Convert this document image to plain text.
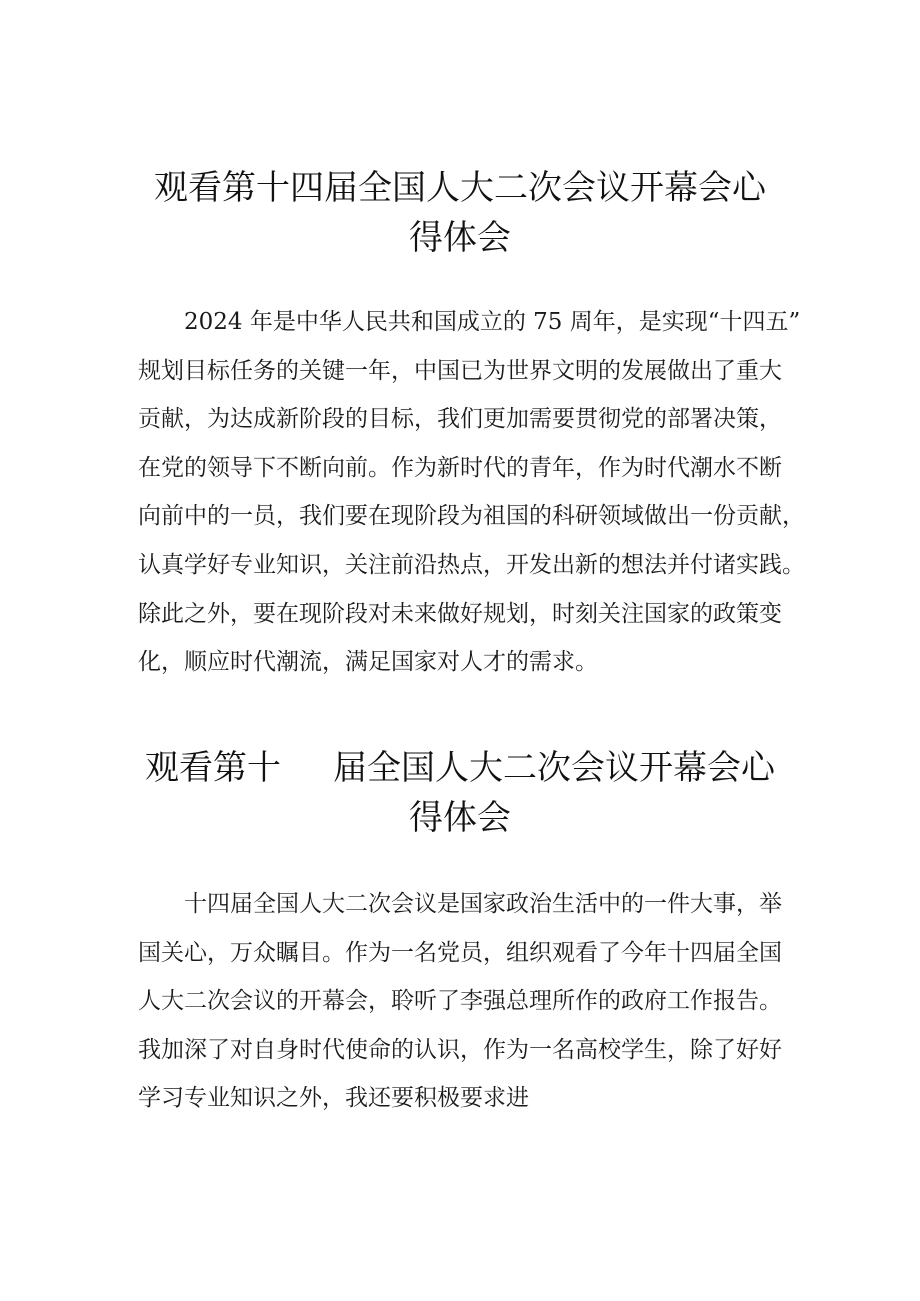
观看第十四届全国人大二次会议开幕会心
得体会
2024 年是中华人民共和国成立的 75 周年，是实现“十四五”
规划目标任务的关键一年，中国已为世界文明的发展做出了重大
贡献，为达成新阶段的目标，我们更加需要贯彻党的部署决策，
在党的领导下不断向前。作为新时代的青年，作为时代潮水不断
向前中的一员，我们要在现阶段为祖国的科研领域做出一份贡献，
认真学好专业知识，关注前沿热点，开发出新的想法并付诸实践。
除此之外，要在现阶段对未来做好规划，时刻关注国家的政策变
化，顺应时代潮流，满足国家对人才的需求。
观看第十 届全国人大二次会议开幕会心
得体会
十四届全国人大二次会议是国家政治生活中的一件大事，举
国关心，万众瞩目。作为一名党员，组织观看了今年十四届全国
人大二次会议的开幕会，聆听了李强总理所作的政府工作报告。
我加深了对自身时代使命的认识，作为一名高校学生，除了好好
学习专业知识之外，我还要积极要求进
